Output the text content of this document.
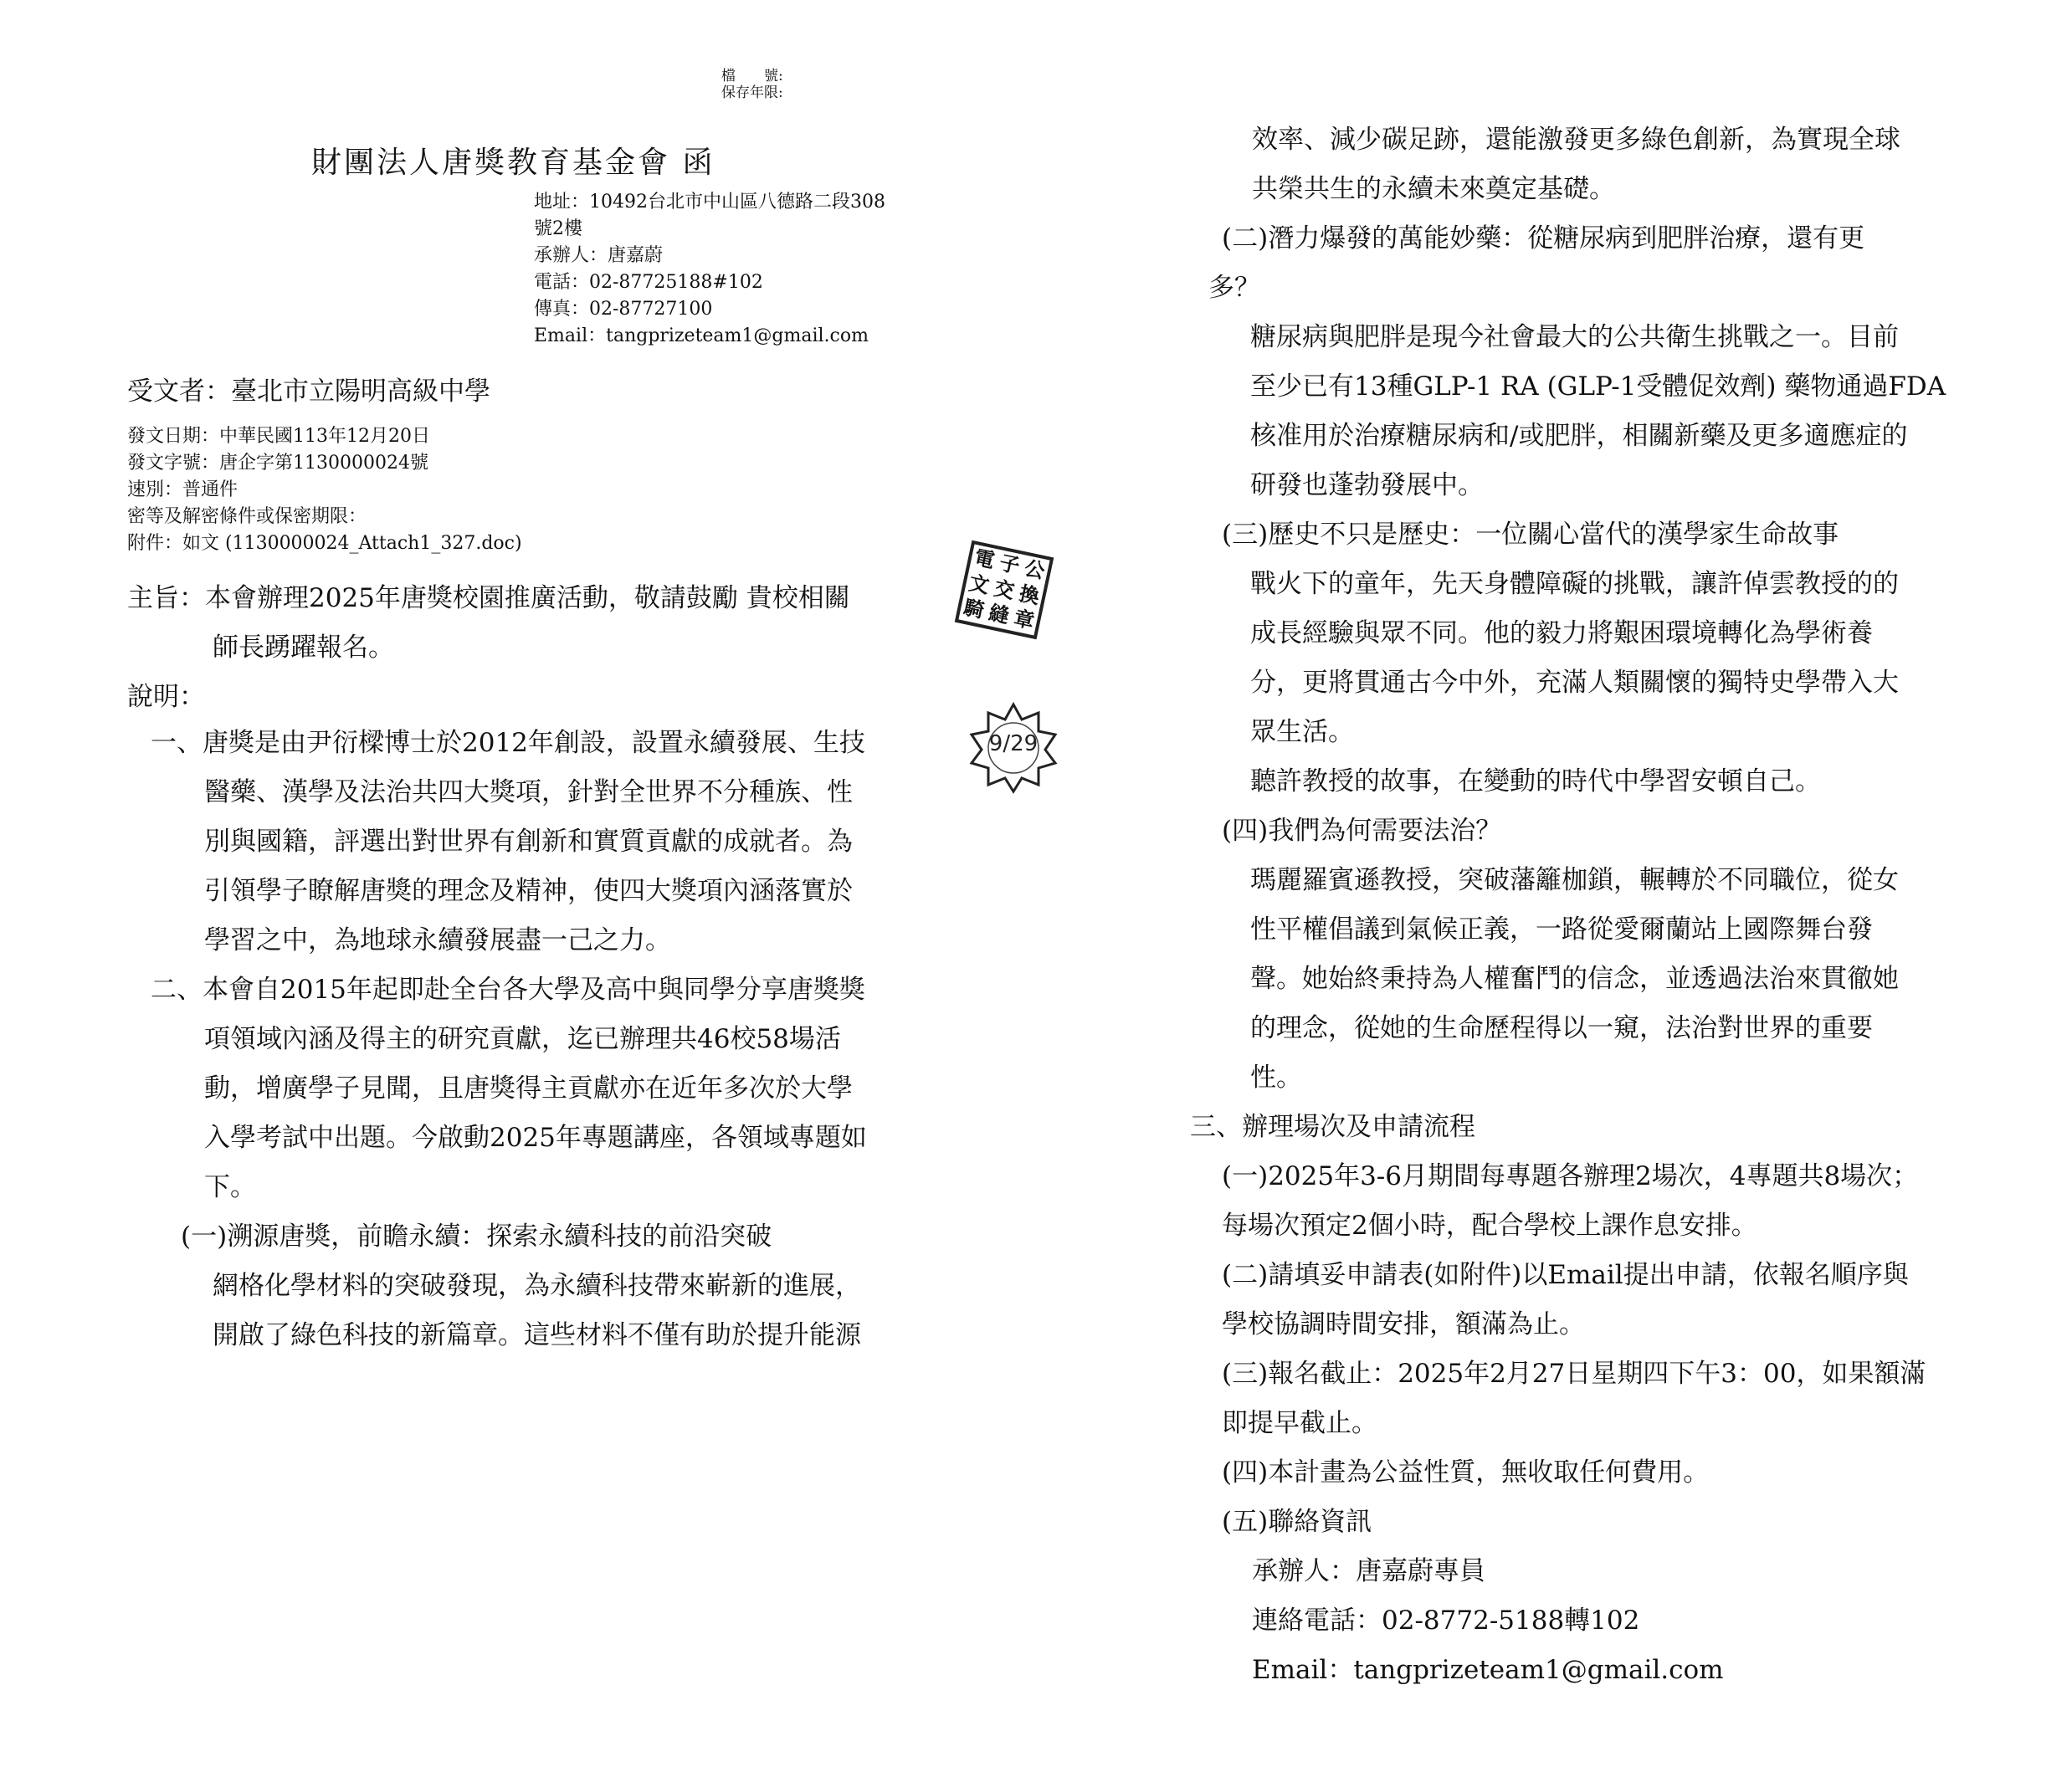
檔　　號:
保存年限:
財團法人唐獎教育基金會 函
地址：10492台北市中山區八德路二段308
號2樓
承辦人：唐嘉蔚
電話：02-87725188#102
傳真：02-87727100
Email：tangprizeteam1@gmail.com
受文者：臺北市立陽明高級中學
發文日期：中華民國113年12月20日
發文字號：唐企字第1130000024號
速別：普通件
密等及解密條件或保密期限：
附件：如文 (1130000024_Attach1_327.doc)
電 子 公
文 交 換
騎 縫 章
9/29
主旨：本會辦理2025年唐獎校園推廣活動，敬請鼓勵 貴校相關
師長踴躍報名。
說明：
一、唐獎是由尹衍樑博士於2012年創設，設置永續發展、生技
醫藥、漢學及法治共四大獎項，針對全世界不分種族、性
別與國籍，評選出對世界有創新和實質貢獻的成就者。為
引領學子瞭解唐獎的理念及精神，使四大獎項內涵落實於
學習之中，為地球永續發展盡一己之力。
二、本會自2015年起即赴全台各大學及高中與同學分享唐獎獎
項領域內涵及得主的研究貢獻，迄已辦理共46校58場活
動，增廣學子見聞，且唐獎得主貢獻亦在近年多次於大學
入學考試中出題。今啟動2025年專題講座，各領域專題如
下。
(一)溯源唐獎，前瞻永續：探索永續科技的前沿突破
網格化學材料的突破發現，為永續科技帶來嶄新的進展，
開啟了綠色科技的新篇章。這些材料不僅有助於提升能源
效率、減少碳足跡，還能激發更多綠色創新，為實現全球
共榮共生的永續未來奠定基礎。
(二)潛力爆發的萬能妙藥：從糖尿病到肥胖治療，還有更
多？
糖尿病與肥胖是現今社會最大的公共衛生挑戰之一。目前
至少已有13種GLP-1 RA (GLP-1受體促效劑) 藥物通過FDA
核准用於治療糖尿病和/或肥胖，相關新藥及更多適應症的
研發也蓬勃發展中。
(三)歷史不只是歷史：一位關心當代的漢學家生命故事
戰火下的童年，先天身體障礙的挑戰，讓許倬雲教授的的
成長經驗與眾不同。他的毅力將艱困環境轉化為學術養
分，更將貫通古今中外，充滿人類關懷的獨特史學帶入大
眾生活。
聽許教授的故事，在變動的時代中學習安頓自己。
(四)我們為何需要法治？
瑪麗羅賓遜教授，突破藩籬枷鎖，輾轉於不同職位，從女
性平權倡議到氣候正義，一路從愛爾蘭站上國際舞台發
聲。她始終秉持為人權奮鬥的信念，並透過法治來貫徹她
的理念，從她的生命歷程得以一窺，法治對世界的重要
性。
三、辦理場次及申請流程
(一)2025年3-6月期間每專題各辦理2場次，4專題共8場次；
每場次預定2個小時，配合學校上課作息安排。
(二)請填妥申請表(如附件)以Email提出申請，依報名順序與
學校協調時間安排，額滿為止。
(三)報名截止：2025年2月27日星期四下午3：00，如果額滿
即提早截止。
(四)本計畫為公益性質，無收取任何費用。
(五)聯絡資訊
承辦人：唐嘉蔚專員
連絡電話：02-8772-5188轉102
Email：tangprizeteam1@gmail.com
